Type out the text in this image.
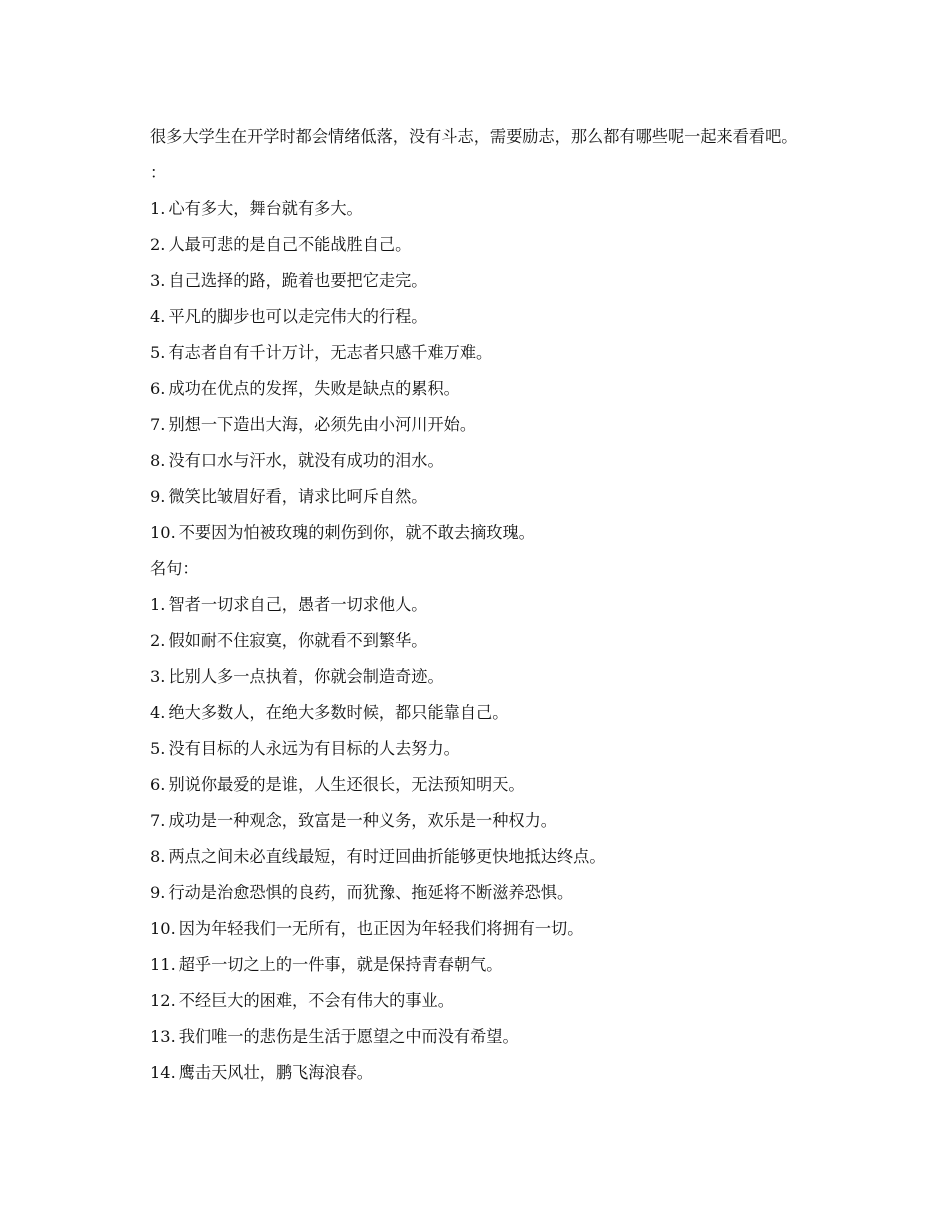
很多大学生在开学时都会情绪低落，没有斗志，需要励志，那么都有哪些呢一起来看看吧。

：

1. 心有多大，舞台就有多大。

2. 人最可悲的是自己不能战胜自己。

3. 自己选择的路，跪着也要把它走完。

4. 平凡的脚步也可以走完伟大的行程。

5. 有志者自有千计万计，无志者只感千难万难。

6. 成功在优点的发挥，失败是缺点的累积。

7. 别想一下造出大海，必须先由小河川开始。

8. 没有口水与汗水，就没有成功的泪水。

9. 微笑比皱眉好看，请求比呵斥自然。

10. 不要因为怕被玫瑰的刺伤到你，就不敢去摘玫瑰。

名句：

1. 智者一切求自己，愚者一切求他人。

2. 假如耐不住寂寞，你就看不到繁华。

3. 比别人多一点执着，你就会制造奇迹。

4. 绝大多数人，在绝大多数时候，都只能靠自己。

5. 没有目标的人永远为有目标的人去努力。

6. 别说你最爱的是谁，人生还很长，无法预知明天。

7. 成功是一种观念，致富是一种义务，欢乐是一种权力。

8. 两点之间未必直线最短，有时迂回曲折能够更快地抵达终点。

9. 行动是治愈恐惧的良药，而犹豫、拖延将不断滋养恐惧。

10. 因为年轻我们一无所有，也正因为年轻我们将拥有一切。

11. 超乎一切之上的一件事，就是保持青春朝气。

12. 不经巨大的困难，不会有伟大的事业。

13. 我们唯一的悲伤是生活于愿望之中而没有希望。

14. 鹰击天风壮，鹏飞海浪春。
